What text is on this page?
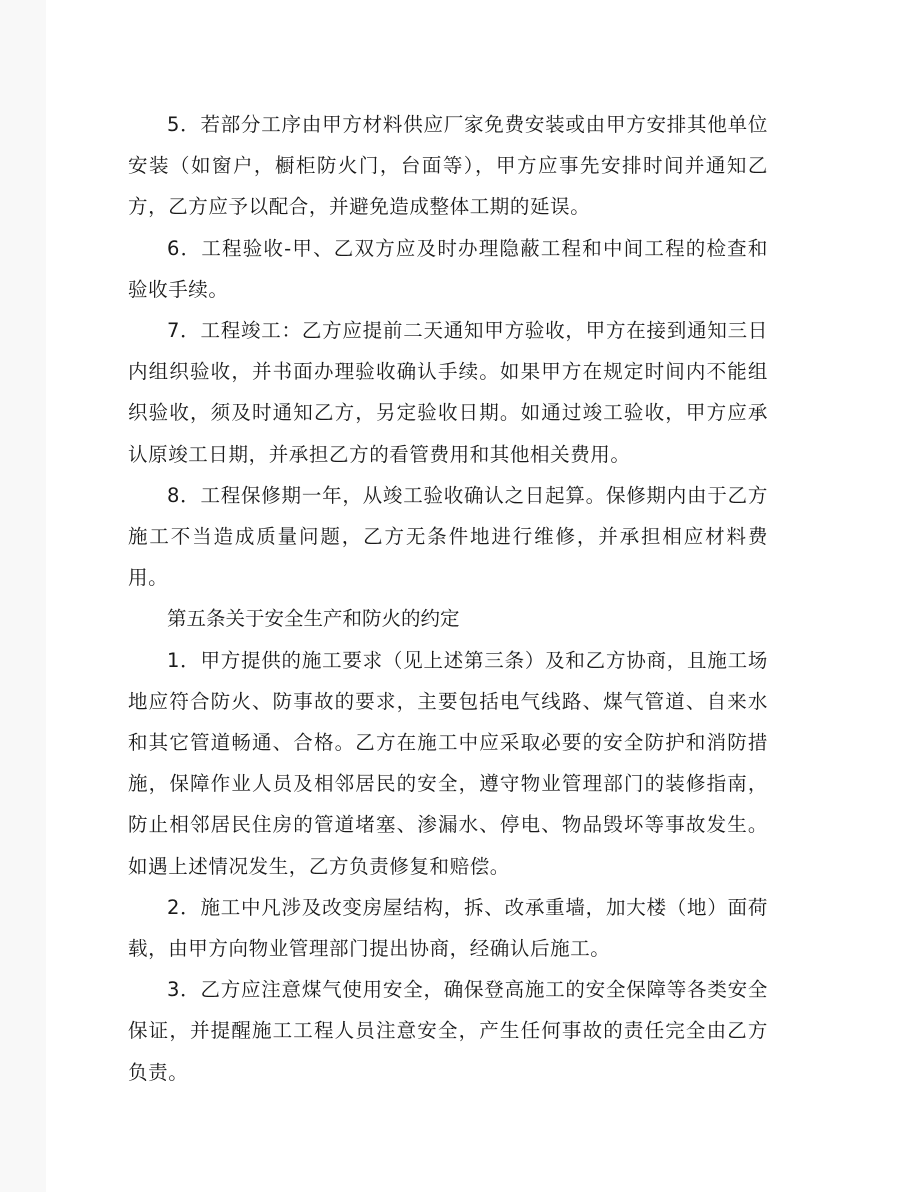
5．若部分工序由甲方材料供应厂家免费安装或由甲方安排其他单位安装（如窗户，橱柜防火门，台面等），甲方应事先安排时间并通知乙方，乙方应予以配合，并避免造成整体工期的延误。

6．工程验收-甲、乙双方应及时办理隐蔽工程和中间工程的检查和验收手续。

7．工程竣工：乙方应提前二天通知甲方验收，甲方在接到通知三日内组织验收，并书面办理验收确认手续。如果甲方在规定时间内不能组织验收，须及时通知乙方，另定验收日期。如通过竣工验收，甲方应承认原竣工日期，并承担乙方的看管费用和其他相关费用。

8．工程保修期一年，从竣工验收确认之日起算。保修期内由于乙方施工不当造成质量问题，乙方无条件地进行维修，并承担相应材料费用。

第五条关于安全生产和防火的约定

1．甲方提供的施工要求（见上述第三条）及和乙方协商，且施工场地应符合防火、防事故的要求，主要包括电气线路、煤气管道、自来水和其它管道畅通、合格。乙方在施工中应采取必要的安全防护和消防措施，保障作业人员及相邻居民的安全，遵守物业管理部门的装修指南，防止相邻居民住房的管道堵塞、渗漏水、停电、物品毁坏等事故发生。如遇上述情况发生，乙方负责修复和赔偿。

2．施工中凡涉及改变房屋结构，拆、改承重墙，加大楼（地）面荷载，由甲方向物业管理部门提出协商，经确认后施工。

3．乙方应注意煤气使用安全，确保登高施工的安全保障等各类安全保证，并提醒施工工程人员注意安全，产生任何事故的责任完全由乙方负责。
